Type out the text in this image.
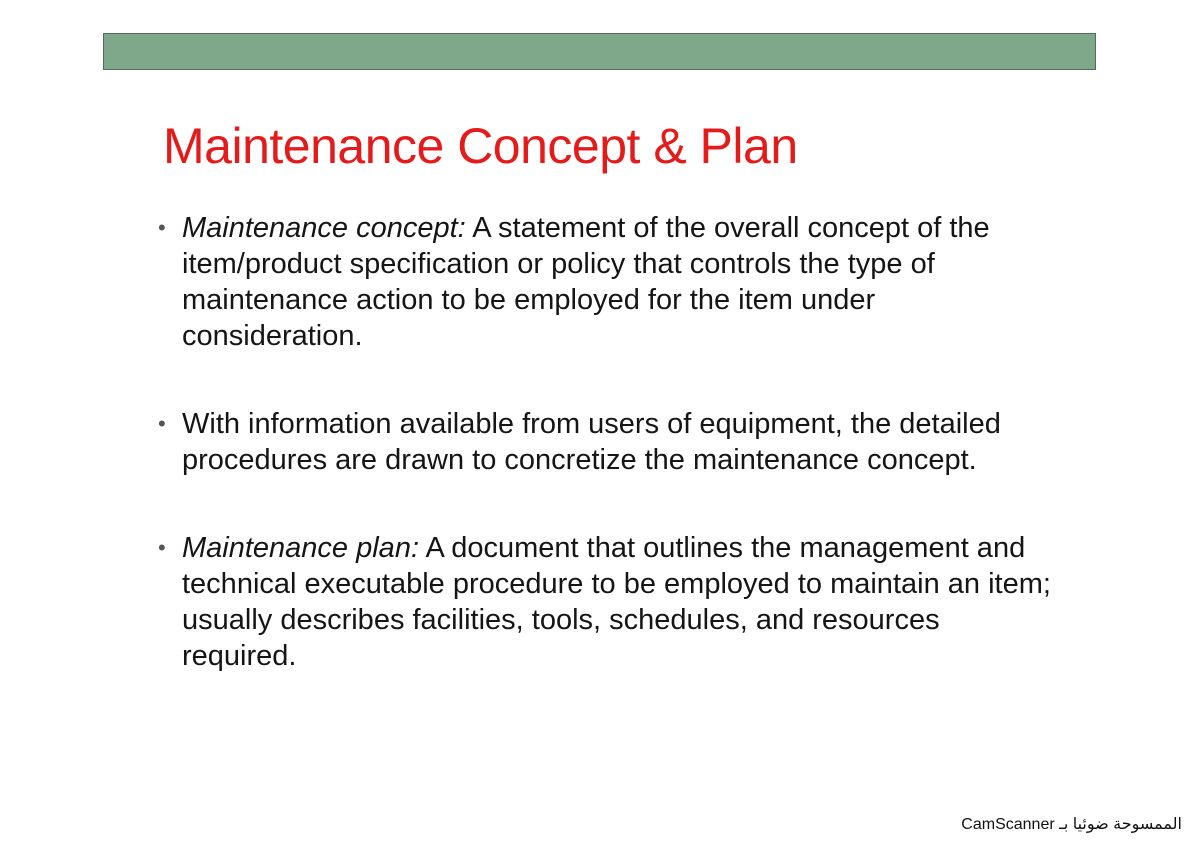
Maintenance Concept & Plan
• Maintenance concept: A statement of the overall concept of the item/product specification or policy that controls the type of maintenance action to be employed for the item under consideration.
• With information available from users of equipment, the detailed procedures are drawn to concretize the maintenance concept.
• Maintenance plan: A document that outlines the management and technical executable procedure to be employed to maintain an item; usually describes facilities, tools, schedules, and resources required.
CamScanner الممسوحة ضوئيا بـ
